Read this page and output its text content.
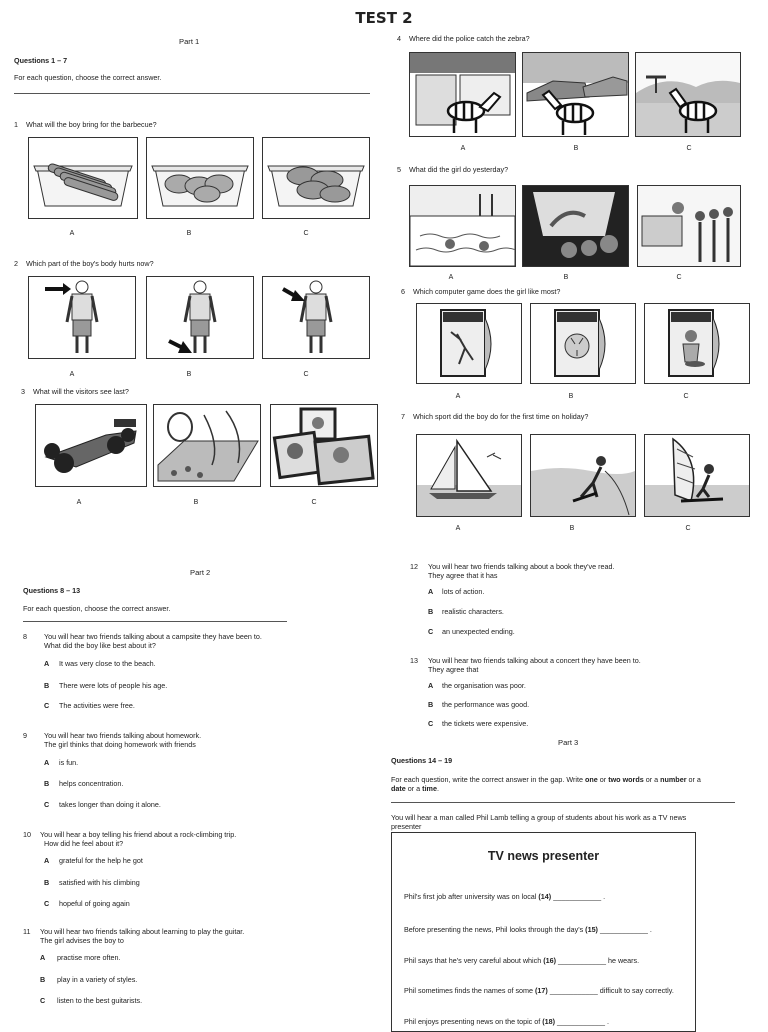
TEST 2
Part 1
Questions 1 – 7
For each question, choose the correct answer.
1 What will the boy bring for the barbecue?
A	B	C
2 Which part of the boy's body hurts now?
A	B	C
3 What will the visitors see last?
A	B	C
4 Where did the police catch the zebra?
A	B	C
5 What did the girl do yesterday?
A	B	C
6 Which computer game does the girl like most?
A	B	C
7 Which sport did the boy do for the first time on holiday?
A	B	C
Part 2
Questions 8 – 13
For each question, choose the correct answer.
8 You will hear two friends talking about a campsite they have been to.
What did the boy like best about it?
A It was very close to the beach.
B There were lots of people his age.
C The activities were free.
9 You will hear two friends talking about homework.
The girl thinks that doing homework with friends
A is fun.
B helps concentration.
C takes longer than doing it alone.
10 You will hear a boy telling his friend about a rock-climbing trip.
How did he feel about it?
A grateful for the help he got
B satisfied with his climbing
C hopeful of going again
11 You will hear two friends talking about learning to play the guitar.
The girl advises the boy to
A practise more often.
B play in a variety of styles.
C listen to the best guitarists.
12 You will hear two friends talking about a book they've read.
They agree that it has
A lots of action.
B realistic characters.
C an unexpected ending.
13 You will hear two friends talking about a concert they have been to.
They agree that
A the organisation was poor.
B the performance was good.
C the tickets were expensive.
Part 3
Questions 14 – 19
For each question, write the correct answer in the gap. Write one or two words or a number or a
date or a time.
You will hear a man called Phil Lamb telling a group of students about his work as a TV news
presenter
TV news presenter
Phil's first job after university was on local (14) ____________ .
Before presenting the news, Phil looks through the day's (15) ____________ .
Phil says that he's very careful about which (16) ____________ he wears.
Phil sometimes finds the names of some (17) ____________ difficult to say correctly.
Phil enjoys presenting news on the topic of (18) ____________ .
